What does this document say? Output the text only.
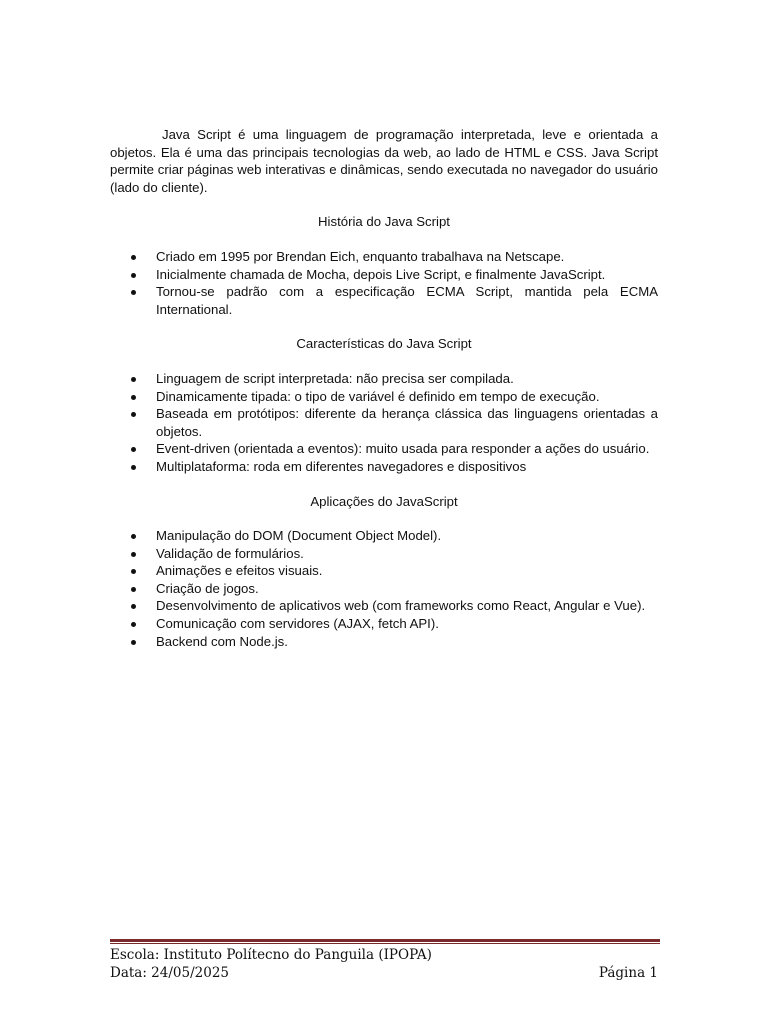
Java Script é uma linguagem de programação interpretada, leve e orientada a objetos. Ela é uma das principais tecnologias da web, ao lado de HTML e CSS. Java Script permite criar páginas web interativas e dinâmicas, sendo executada no navegador do usuário (lado do cliente).

História do Java Script
Criado em 1995 por Brendan Eich, enquanto trabalhava na Netscape.
Inicialmente chamada de Mocha, depois Live Script, e finalmente JavaScript.
Tornou-se padrão com a especificação ECMA Script, mantida pela ECMA International.
Características do Java Script
Linguagem de script interpretada: não precisa ser compilada.
Dinamicamente tipada: o tipo de variável é definido em tempo de execução.
Baseada em protótipos: diferente da herança clássica das linguagens orientadas a objetos.
Event-driven (orientada a eventos): muito usada para responder a ações do usuário.
Multiplataforma: roda em diferentes navegadores e dispositivos
Aplicações do JavaScript
Manipulação do DOM (Document Object Model).
Validação de formulários.
Animações e efeitos visuais.
Criação de jogos.
Desenvolvimento de aplicativos web (com frameworks como React, Angular e Vue).
Comunicação com servidores (AJAX, fetch API).
Backend com Node.js.
Escola: Instituto Polítecno do Panguila (IPOPA)
Data: 24/05/2025	Página 1
